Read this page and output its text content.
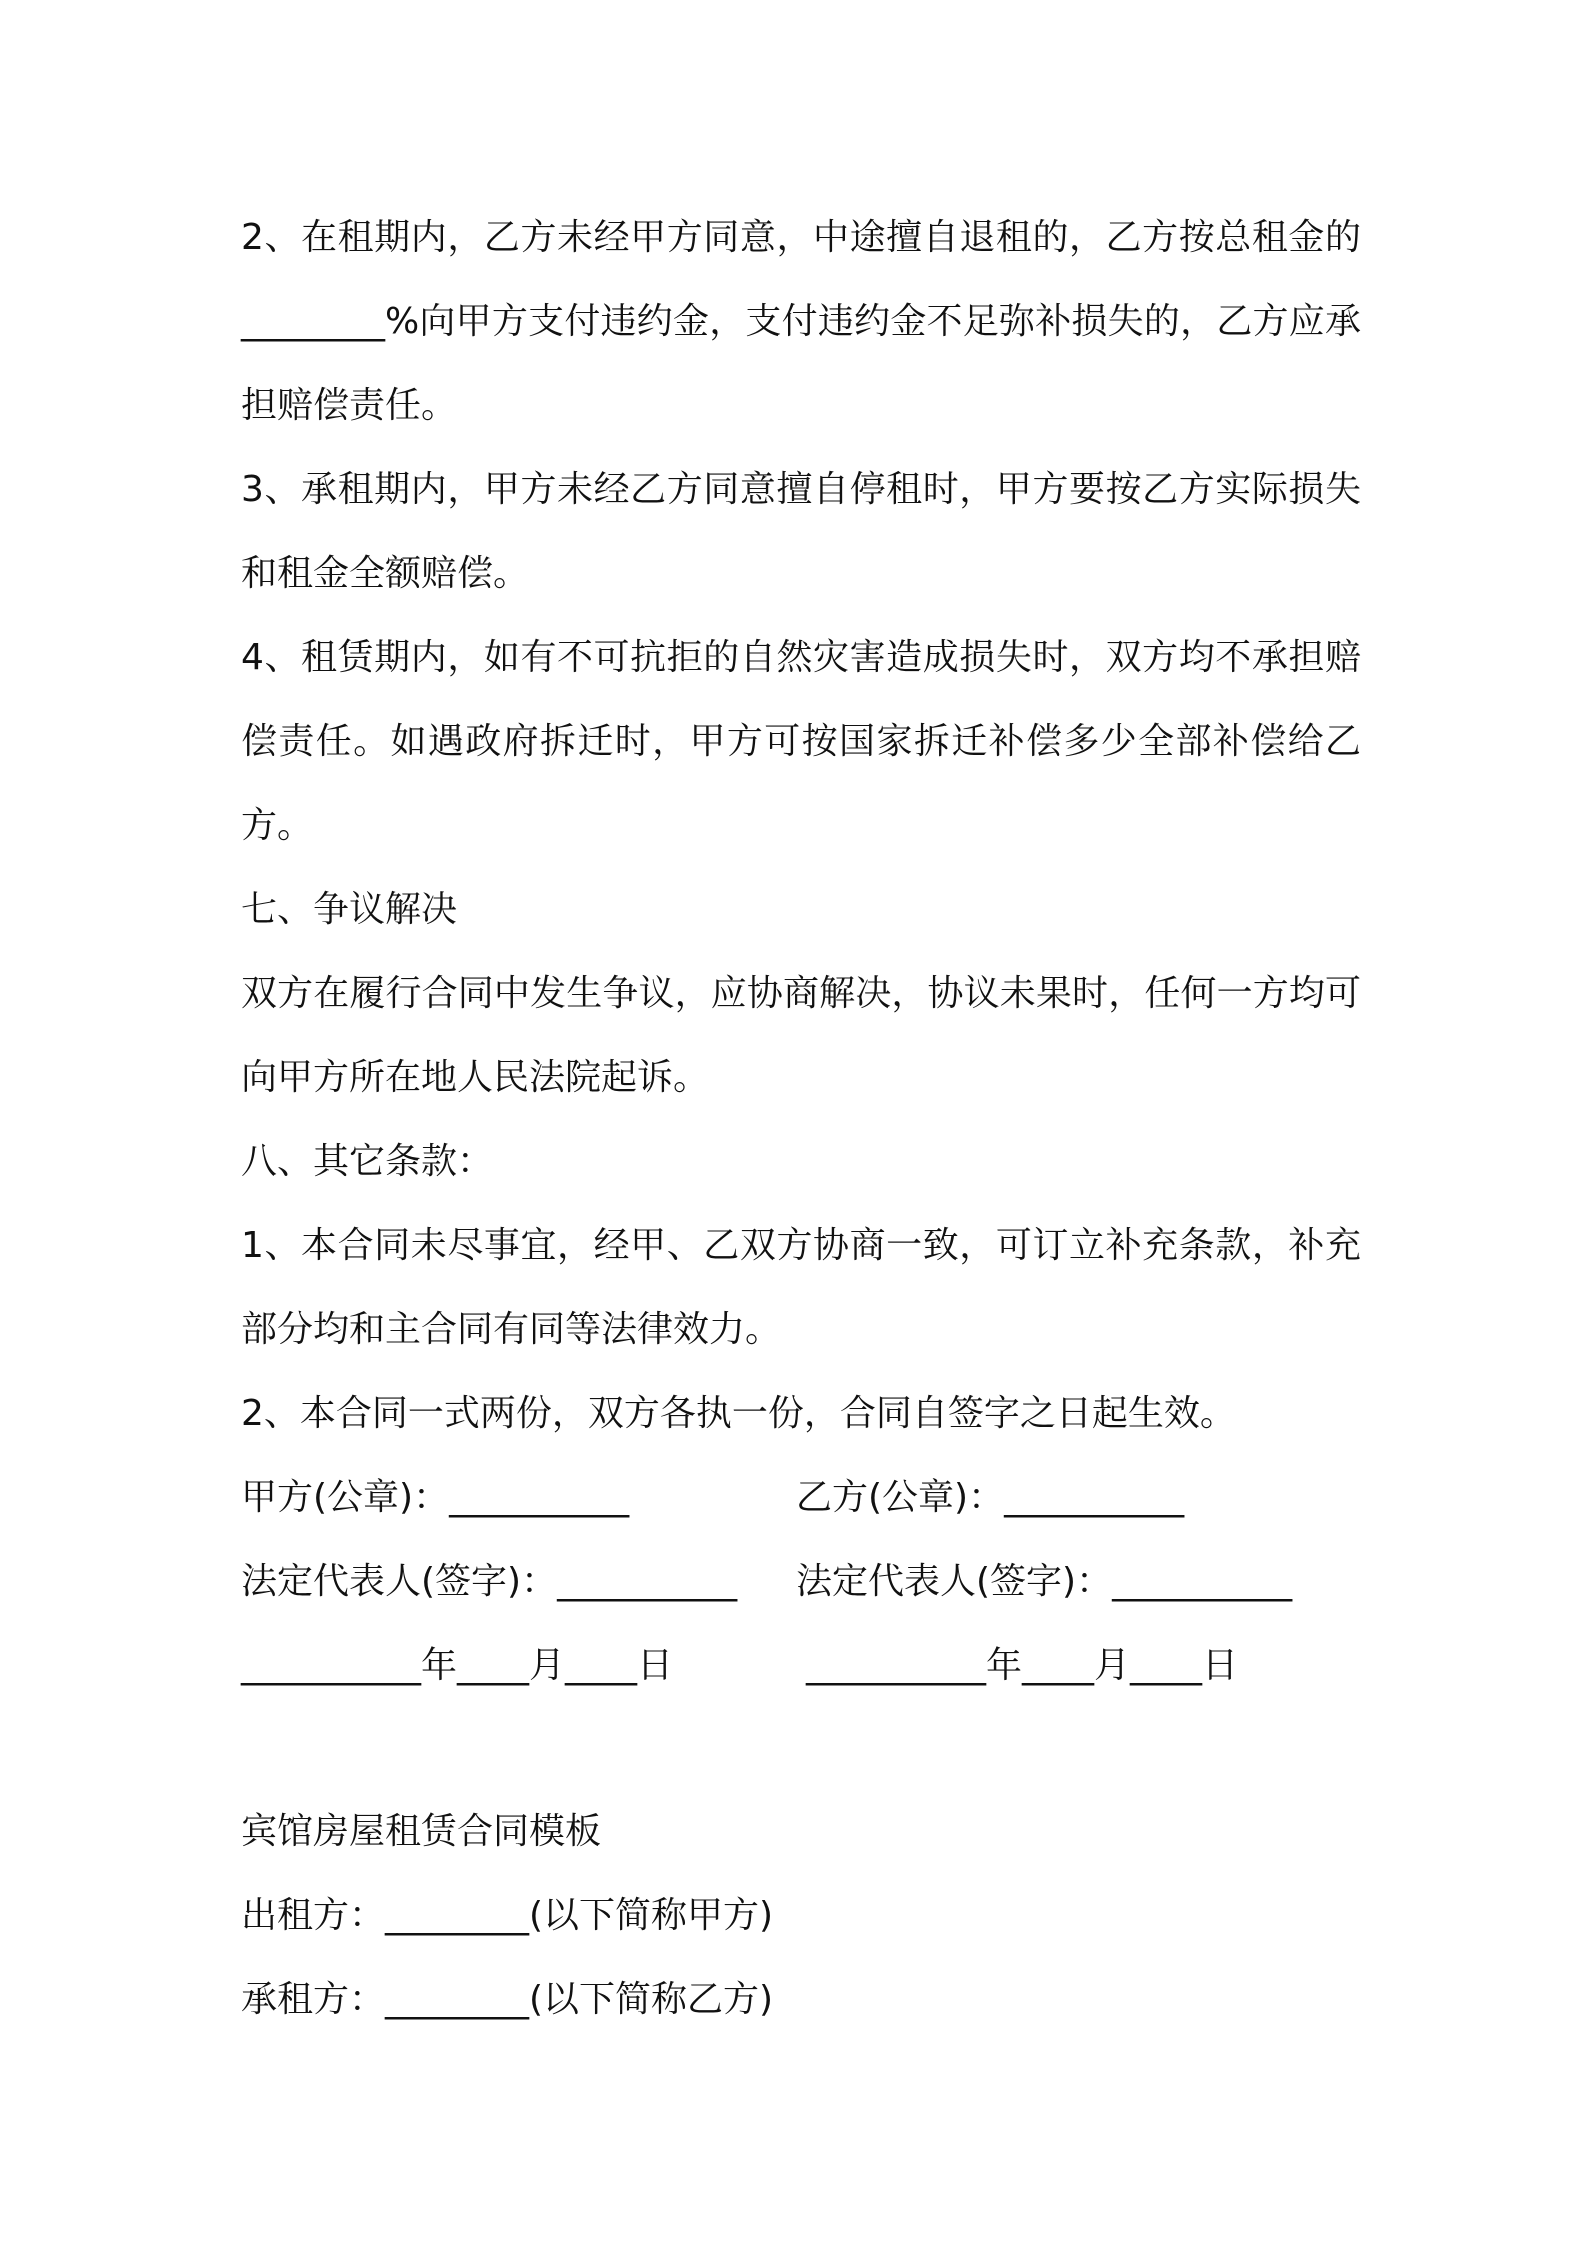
2、在租期内，乙方未经甲方同意，中途擅自退租的，乙方按总租金的________%向甲方支付违约金，支付违约金不足弥补损失的，乙方应承担赔偿责任。

3、承租期内，甲方未经乙方同意擅自停租时，甲方要按乙方实际损失和租金全额赔偿。

4、租赁期内，如有不可抗拒的自然灾害造成损失时，双方均不承担赔偿责任。如遇政府拆迁时，甲方可按国家拆迁补偿多少全部补偿给乙方。

七、争议解决

双方在履行合同中发生争议，应协商解决，协议未果时，任何一方均可向甲方所在地人民法院起诉。

八、其它条款：

1、本合同未尽事宜，经甲、乙双方协商一致，可订立补充条款，补充部分均和主合同有同等法律效力。

2、本合同一式两份，双方各执一份，合同自签字之日起生效。

甲方(公章)：__________	乙方(公章)：__________
法定代表人(签字)：__________ 法定代表人(签字)：__________
__________年____月____日	__________年____月____日

宾馆房屋租赁合同模板

出租方：________(以下简称甲方)

承租方：________(以下简称乙方)
